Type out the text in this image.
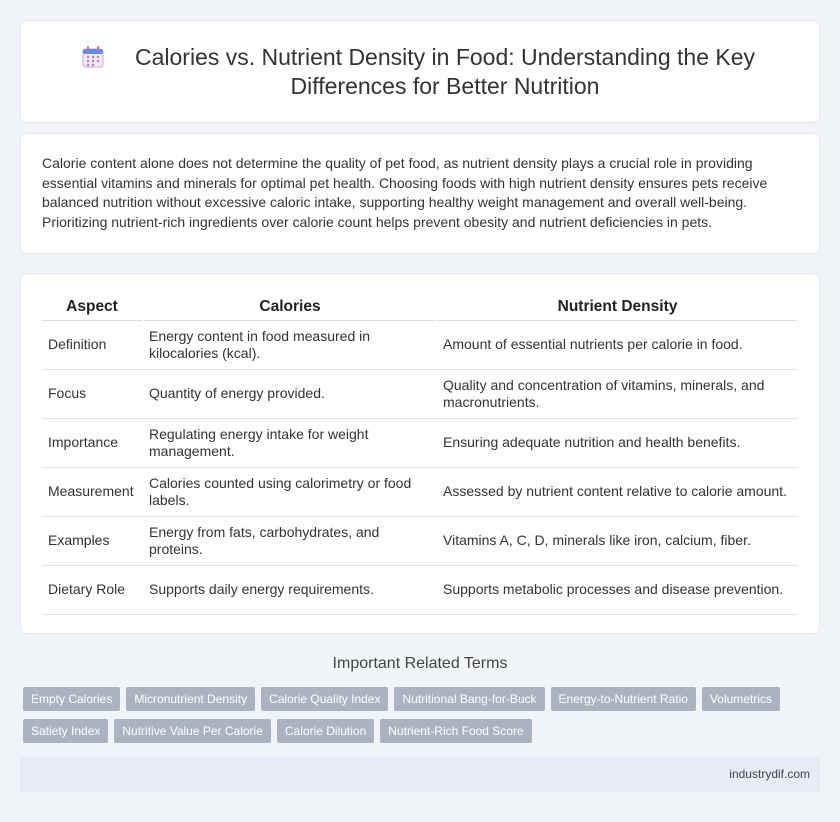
Calories vs. Nutrient Density in Food: Understanding the Key Differences for Better Nutrition

Calorie content alone does not determine the quality of pet food, as nutrient density plays a crucial role in providing essential vitamins and minerals for optimal pet health. Choosing foods with high nutrient density ensures pets receive balanced nutrition without excessive caloric intake, supporting healthy weight management and overall well-being. Prioritizing nutrient-rich ingredients over calorie count helps prevent obesity and nutrient deficiencies in pets.

Aspect	Calories	Nutrient Density
Definition	Energy content in food measured in kilocalories (kcal).	Amount of essential nutrients per calorie in food.
Focus	Quantity of energy provided.	Quality and concentration of vitamins, minerals, and macronutrients.
Importance	Regulating energy intake for weight management.	Ensuring adequate nutrition and health benefits.
Measurement	Calories counted using calorimetry or food labels.	Assessed by nutrient content relative to calorie amount.
Examples	Energy from fats, carbohydrates, and proteins.	Vitamins A, C, D, minerals like iron, calcium, fiber.
Dietary Role	Supports daily energy requirements.	Supports metabolic processes and disease prevention.
Important Related Terms
Empty Calories	Micronutrient Density	Calorie Quality Index	Nutritional Bang-for-Buck	Energy-to-Nutrient Ratio	Volumetrics
Satiety Index	Nutritive Value Per Calorie	Calorie Dilution	Nutrient-Rich Food Score
industrydif.com
